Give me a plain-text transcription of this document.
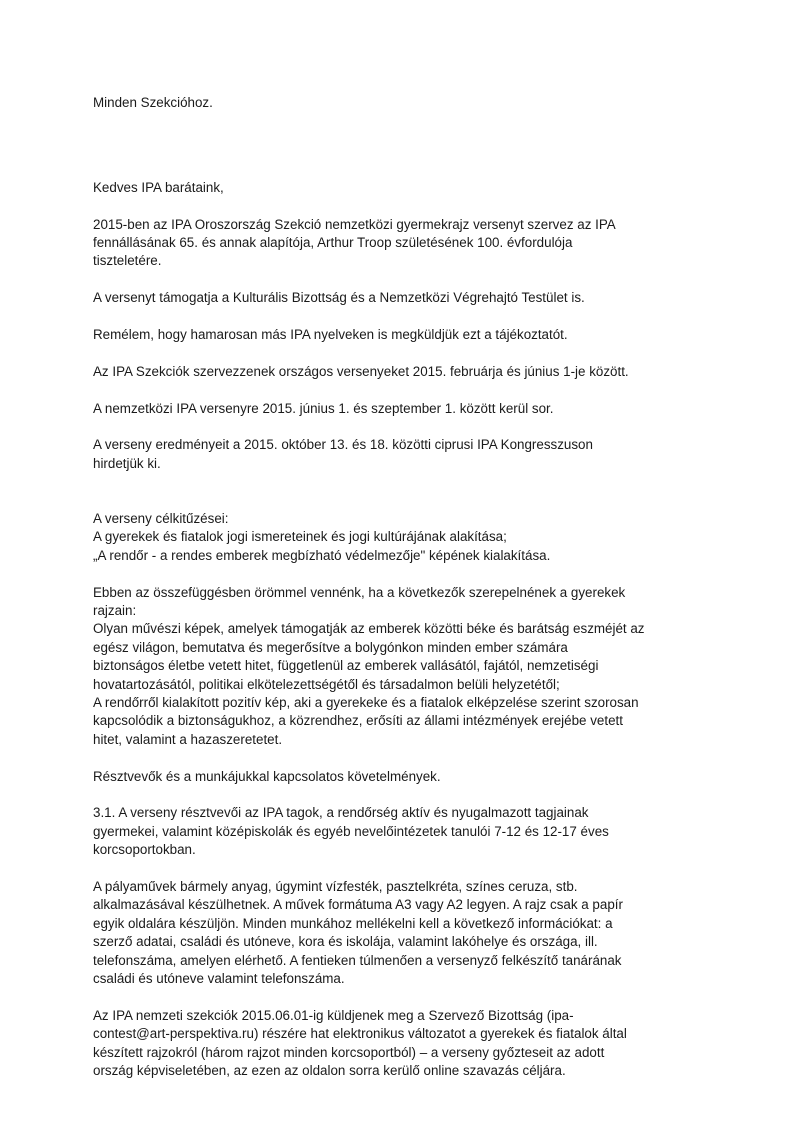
Minden Szekcióhoz.
Kedves IPA barátaink,
2015-ben az IPA Oroszország Szekció nemzetközi gyermekrajz versenyt szervez az IPA
fennállásának 65. és annak alapítója, Arthur Troop születésének 100. évfordulója
tiszteletére.
A versenyt támogatja a Kulturális Bizottság és a Nemzetközi Végrehajtó Testület is.
Remélem, hogy hamarosan más IPA nyelveken is megküldjük ezt a tájékoztatót.
Az IPA Szekciók szervezzenek országos versenyeket 2015. februárja és június 1-je között.
A nemzetközi IPA versenyre 2015. június 1. és szeptember 1. között kerül sor.
A verseny eredményeit a 2015. október 13. és 18. közötti ciprusi IPA Kongresszuson
hirdetjük ki.
A verseny célkitűzései:
A gyerekek és fiatalok jogi ismereteinek és jogi kultúrájának alakítása;
„A rendőr - a rendes emberek megbízható védelmezője" képének kialakítása.
Ebben az összefüggésben örömmel vennénk, ha a következők szerepelnének a gyerekek
rajzain:
Olyan művészi képek, amelyek támogatják az emberek közötti béke és barátság eszméjét az
egész világon, bemutatva és megerősítve a bolygónkon minden ember számára
biztonságos életbe vetett hitet, függetlenül az emberek vallásától, fajától, nemzetiségi
hovatartozásától, politikai elkötelezettségétől és társadalmon belüli helyzetétől;
A rendőrről kialakított pozitív kép, aki a gyerekeke és a fiatalok elképzelése szerint szorosan
kapcsolódik a biztonságukhoz, a közrendhez, erősíti az állami intézmények erejébe vetett
hitet, valamint a hazaszeretetet.
Résztvevők és a munkájukkal kapcsolatos követelmények.
3.1. A verseny résztvevői az IPA tagok, a rendőrség aktív és nyugalmazott tagjainak
gyermekei, valamint középiskolák és egyéb nevelőintézetek tanulói 7-12 és 12-17 éves
korcsoportokban.
A pályaművek bármely anyag, úgymint vízfesték, pasztelkréta, színes ceruza, stb.
alkalmazásával készülhetnek. A művek formátuma A3 vagy A2 legyen. A rajz csak a papír
egyik oldalára készüljön. Minden munkához mellékelni kell a következő információkat: a
szerző adatai, családi és utóneve, kora és iskolája, valamint lakóhelye és országa, ill.
telefonszáma, amelyen elérhető. A fentieken túlmenően a versenyző felkészítő tanárának
családi és utóneve valamint telefonszáma.
Az IPA nemzeti szekciók 2015.06.01-ig küldjenek meg a Szervező Bizottság (ipa-
contest@art-perspektiva.ru) részére hat elektronikus változatot a gyerekek és fiatalok által
készített rajzokról (három rajzot minden korcsoportból) – a verseny győzteseit az adott
ország képviseletében, az ezen az oldalon sorra kerülő online szavazás céljára.
